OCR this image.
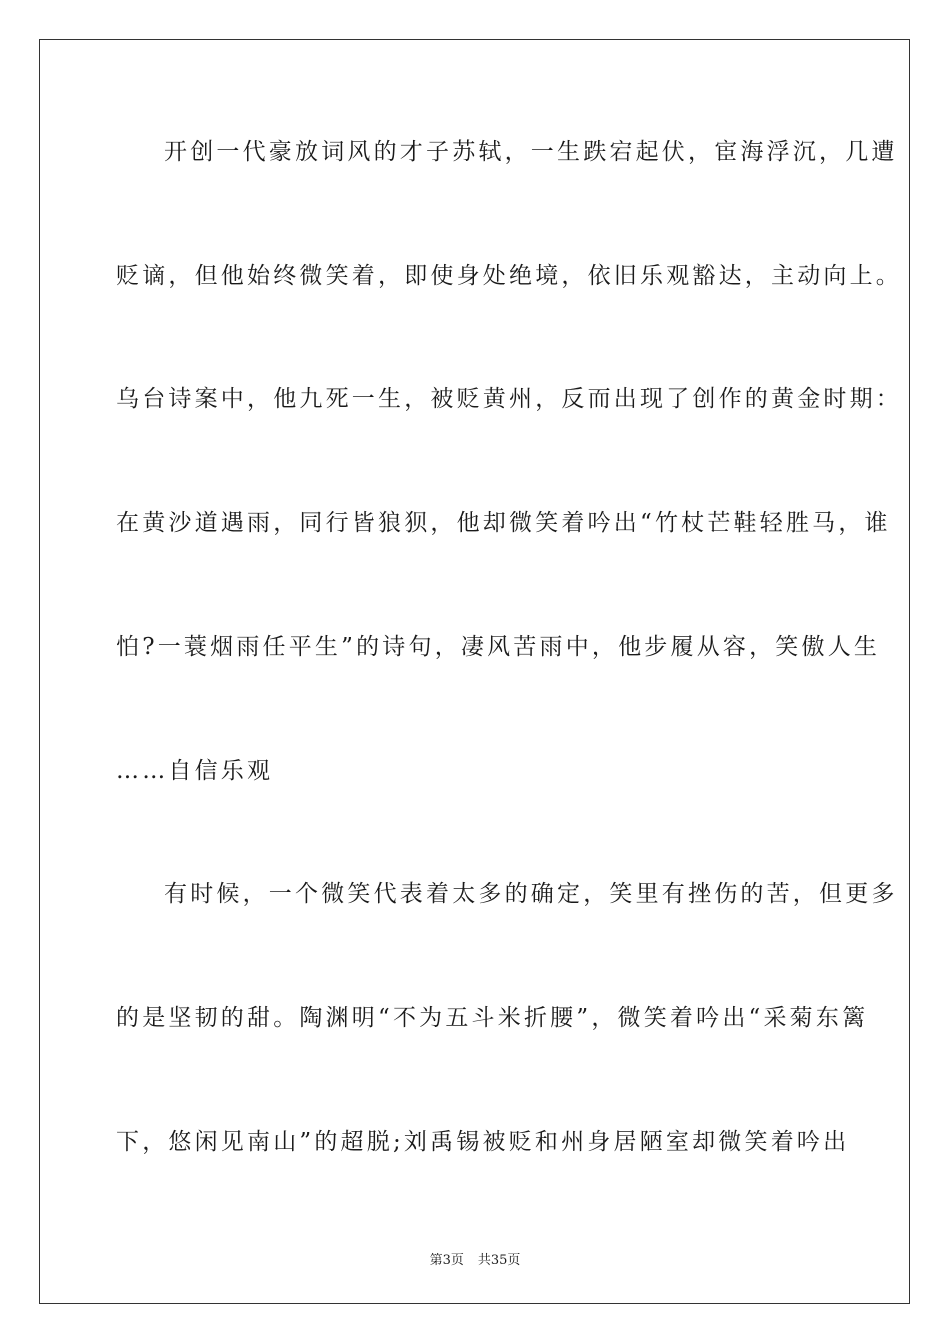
开创一代豪放词风的才子苏轼，一生跌宕起伏，宦海浮沉，几遭
贬谪，但他始终微笑着，即使身处绝境，依旧乐观豁达，主动向上。
乌台诗案中，他九死一生，被贬黄州，反而出现了创作的黄金时期：
在黄沙道遇雨，同行皆狼狈，他却微笑着吟出“竹杖芒鞋轻胜马，谁
怕?一蓑烟雨任平生”的诗句，凄风苦雨中，他步履从容，笑傲人生
……自信乐观
有时候，一个微笑代表着太多的确定，笑里有挫伤的苦，但更多
的是坚韧的甜。陶渊明“不为五斗米折腰”，微笑着吟出“采菊东篱
下，悠闲见南山”的超脱;刘禹锡被贬和州身居陋室却微笑着吟出
第3页 共35页
